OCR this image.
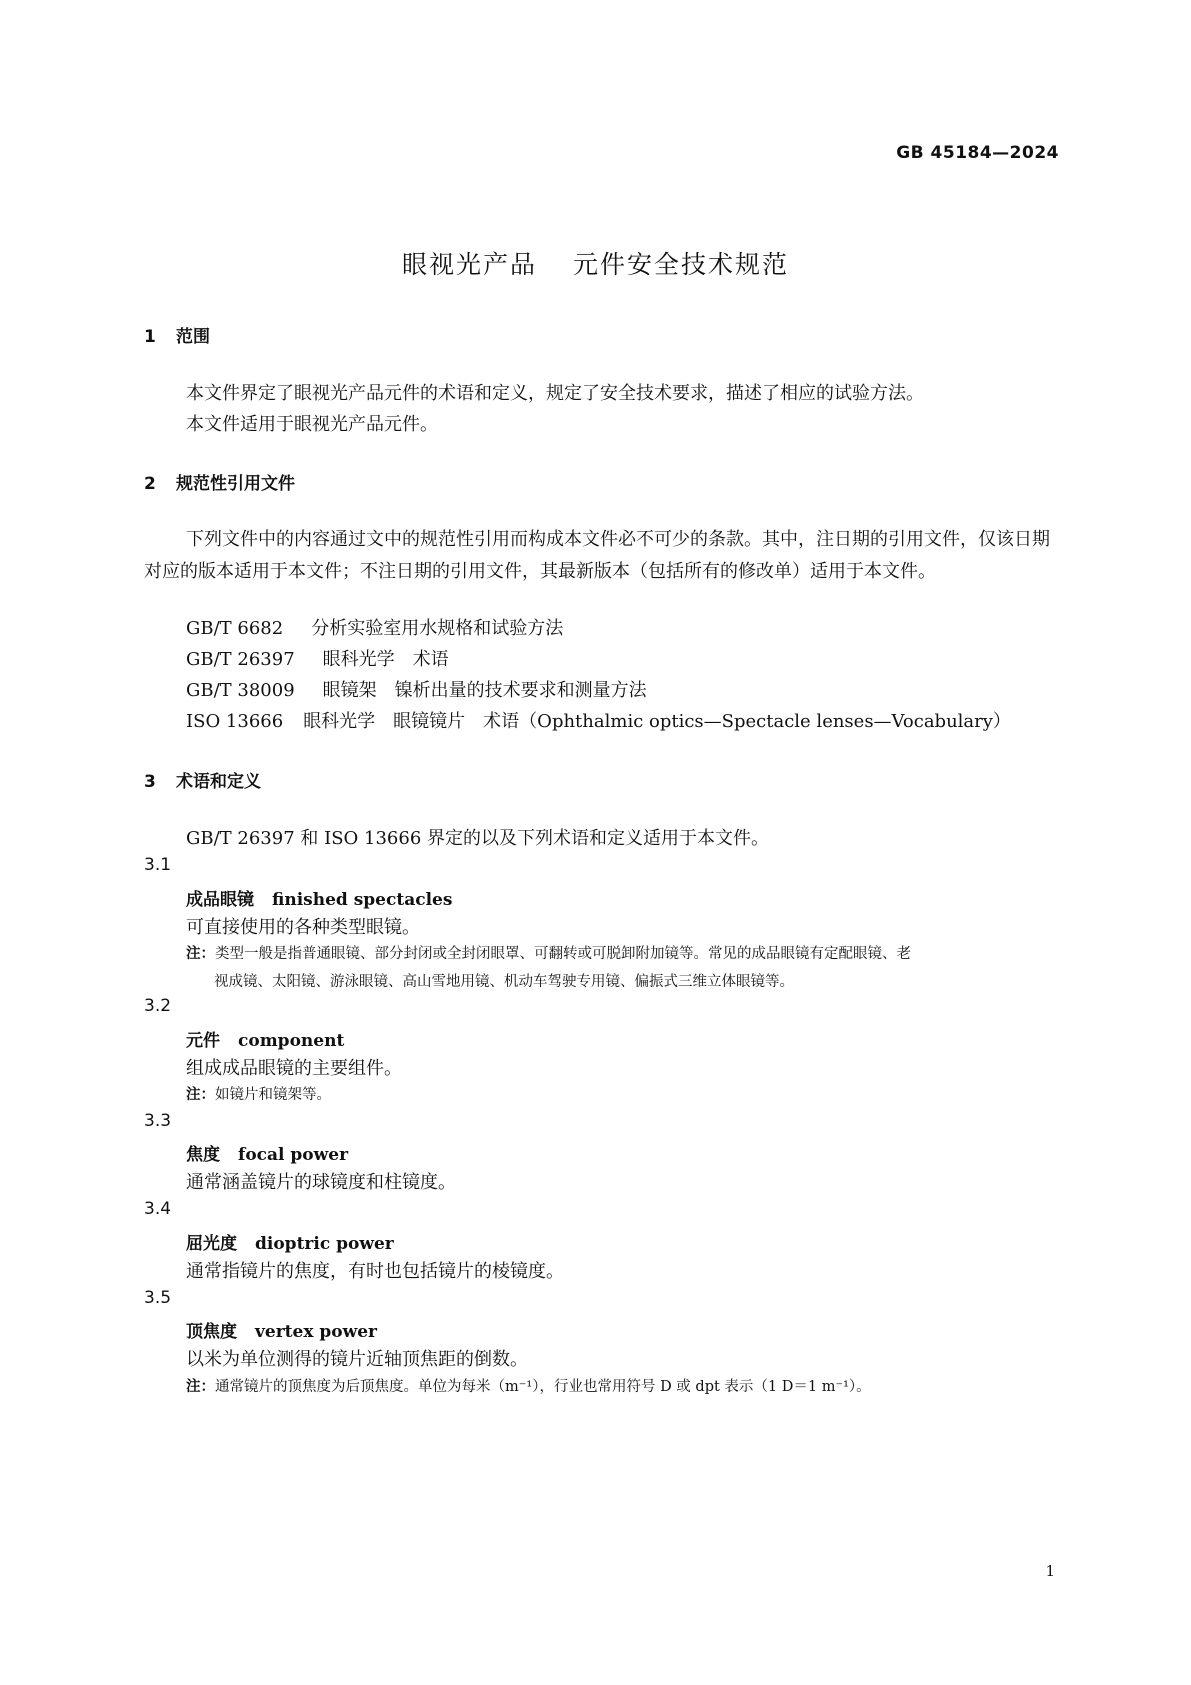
GB 45184—2024
眼视光产品 元件安全技术规范
1 范围
本文件界定了眼视光产品元件的术语和定义，规定了安全技术要求，描述了相应的试验方法。
本文件适用于眼视光产品元件。
2 规范性引用文件
下列文件中的内容通过文中的规范性引用而构成本文件必不可少的条款。其中，注日期的引用文件，仅该日期对应的版本适用于本文件；不注日期的引用文件，其最新版本（包括所有的修改单）适用于本文件。
GB/T 6682 分析实验室用水规格和试验方法
GB/T 26397 眼科光学　术语
GB/T 38009 眼镜架　镍析出量的技术要求和测量方法
ISO 13666 眼科光学　眼镜镜片　术语（Ophthalmic optics—Spectacle lenses—Vocabulary）
3 术语和定义
GB/T 26397 和 ISO 13666 界定的以及下列术语和定义适用于本文件。
3.1
成品眼镜 finished spectacles
可直接使用的各种类型眼镜。
注：类型一般是指普通眼镜、部分封闭或全封闭眼罩、可翻转或可脱卸附加镜等。常见的成品眼镜有定配眼镜、老
视成镜、太阳镜、游泳眼镜、高山雪地用镜、机动车驾驶专用镜、偏振式三维立体眼镜等。
3.2
元件 component
组成成品眼镜的主要组件。
注：如镜片和镜架等。
3.3
焦度 focal power
通常涵盖镜片的球镜度和柱镜度。
3.4
屈光度 dioptric power
通常指镜片的焦度，有时也包括镜片的棱镜度。
3.5
顶焦度 vertex power
以米为单位测得的镜片近轴顶焦距的倒数。
注：通常镜片的顶焦度为后顶焦度。单位为每米（m⁻¹），行业也常用符号 D 或 dpt 表示（1 D＝1 m⁻¹）。
1
